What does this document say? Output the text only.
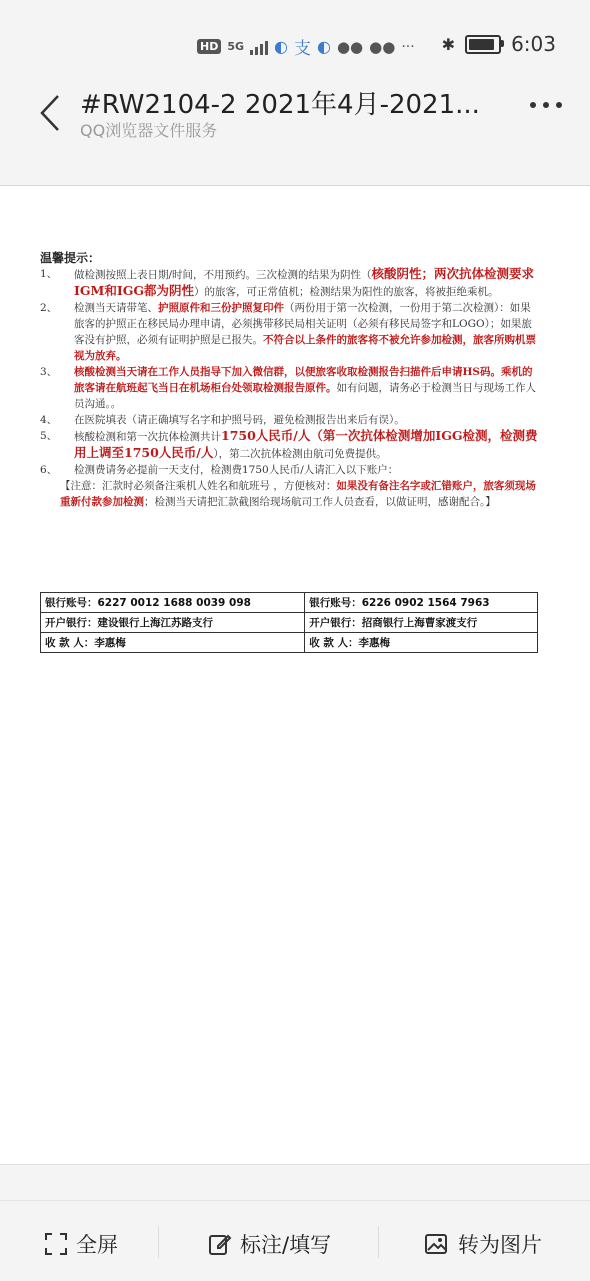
HD 5G ◐ 支 ◐ ●● ●● ··· ✱	6:03
#RW2104-2 2021年4月-2021...
QQ浏览器文件服务
温馨提示：
1、	做检测按照上表日期/时间，不用预约。三次检测的结果为阴性（核酸阴性；两次抗体检测要求IGM和IGG都为阴性）的旅客，可正常值机；检测结果为阳性的旅客，将被拒绝乘机。
2、	检测当天请带笔、护照原件和三份护照复印件（两份用于第一次检测，一份用于第二次检测）：如果旅客的护照正在移民局办理申请，必须携带移民局相关证明（必须有移民局签字和LOGO）；如果旅客没有护照，必须有证明护照是已报失。不符合以上条件的旅客将不被允许参加检测，旅客所购机票视为放弃。
3、	核酸检测当天请在工作人员指导下加入微信群，以便旅客收取检测报告扫描件后申请HS码。乘机的旅客请在航班起飞当日在机场柜台处领取检测报告原件。如有问题，请务必于检测当日与现场工作人员沟通。。
4、	在医院填表（请正确填写名字和护照号码，避免检测报告出来后有误）。
5、	核酸检测和第一次抗体检测共计1750人民币/人（第一次抗体检测增加IGG检测，检测费用上调至1750人民币/人），第二次抗体检测由航司免费提供。
6、	检测费请务必提前一天支付，检测费1750人民币/人请汇入以下账户：
【注意：汇款时必须备注乘机人姓名和航班号 ，方便核对：如果没有备注名字或汇错账户，旅客须现场重新付款参加检测；检测当天请把汇款截图给现场航司工作人员查看，以做证明，感谢配合。】
银行账号：6227 0012 1688 0039 098	银行账号：6226 0902 1564 7963
开户银行：建设银行上海江苏路支行	开户银行：招商银行上海曹家渡支行
收 款 人：李惠梅	收 款 人：李惠梅
全屏	标注/填写	转为图片
